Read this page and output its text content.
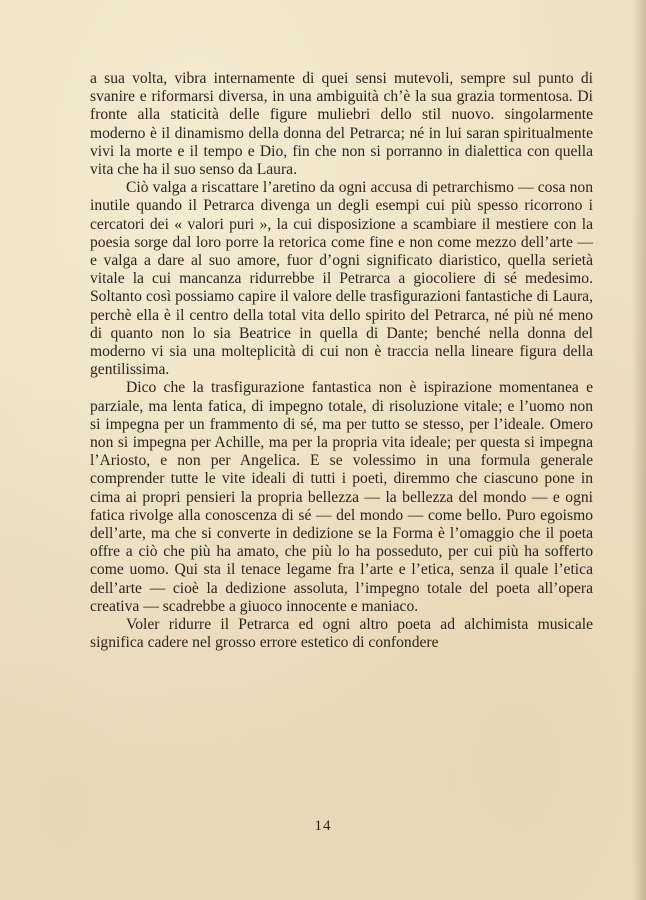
a sua volta, vibra internamente di quei sensi mutevoli, sempre sul punto di svanire e riformarsi diversa, in una ambiguità ch’è la sua grazia tormentosa. Di fronte alla staticità delle figure muliebri dello stil nuovo. singolarmente moderno è il dinamismo della donna del Petrarca; né in lui saran spiritualmente vivi la morte e il tempo e Dio, fin che non si porranno in dialettica con quella vita che ha il suo senso da Laura.

Ciò valga a riscattare l’aretino da ogni accusa di petrarchismo — cosa non inutile quando il Petrarca divenga un degli esempi cui più spesso ricorrono i cercatori dei « valori puri », la cui disposizione a scambiare il mestiere con la poesia sorge dal loro porre la retorica come fine e non come mezzo dell’arte — e valga a dare al suo amore, fuor d’ogni significato diaristico, quella serietà vitale la cui mancanza ridurrebbe il Petrarca a giocoliere di sé medesimo. Soltanto così possiamo capire il valore delle trasfigurazioni fantastiche di Laura, perchè ella è il centro della total vita dello spirito del Petrarca, né più né meno di quanto non lo sia Beatrice in quella di Dante; benché nella donna del moderno vi sia una molteplicità di cui non è traccia nella lineare figura della gentilissima.

Dico che la trasfigurazione fantastica non è ispirazione momentanea e parziale, ma lenta fatica, di impegno totale, di risoluzione vitale; e l’uomo non si impegna per un frammento di sé, ma per tutto se stesso, per l’ideale. Omero non si impegna per Achille, ma per la propria vita ideale; per questa si impegna l’Ariosto, e non per Angelica. E se volessimo in una formula generale comprender tutte le vite ideali di tutti i poeti, diremmo che ciascuno pone in cima ai propri pensieri la propria bellezza — la bellezza del mondo — e ogni fatica rivolge alla conoscenza di sé — del mondo — come bello. Puro egoismo dell’arte, ma che si converte in dedizione se la Forma è l’omaggio che il poeta offre a ciò che più ha amato, che più lo ha posseduto, per cui più ha sofferto come uomo. Qui sta il tenace legame fra l’arte e l’etica, senza il quale l’etica dell’arte — cioè la dedizione assoluta, l’impegno totale del poeta all’opera creativa — scadrebbe a giuoco innocente e maniaco.

Voler ridurre il Petrarca ed ogni altro poeta ad alchimista musicale significa cadere nel grosso errore estetico di confondere

14
